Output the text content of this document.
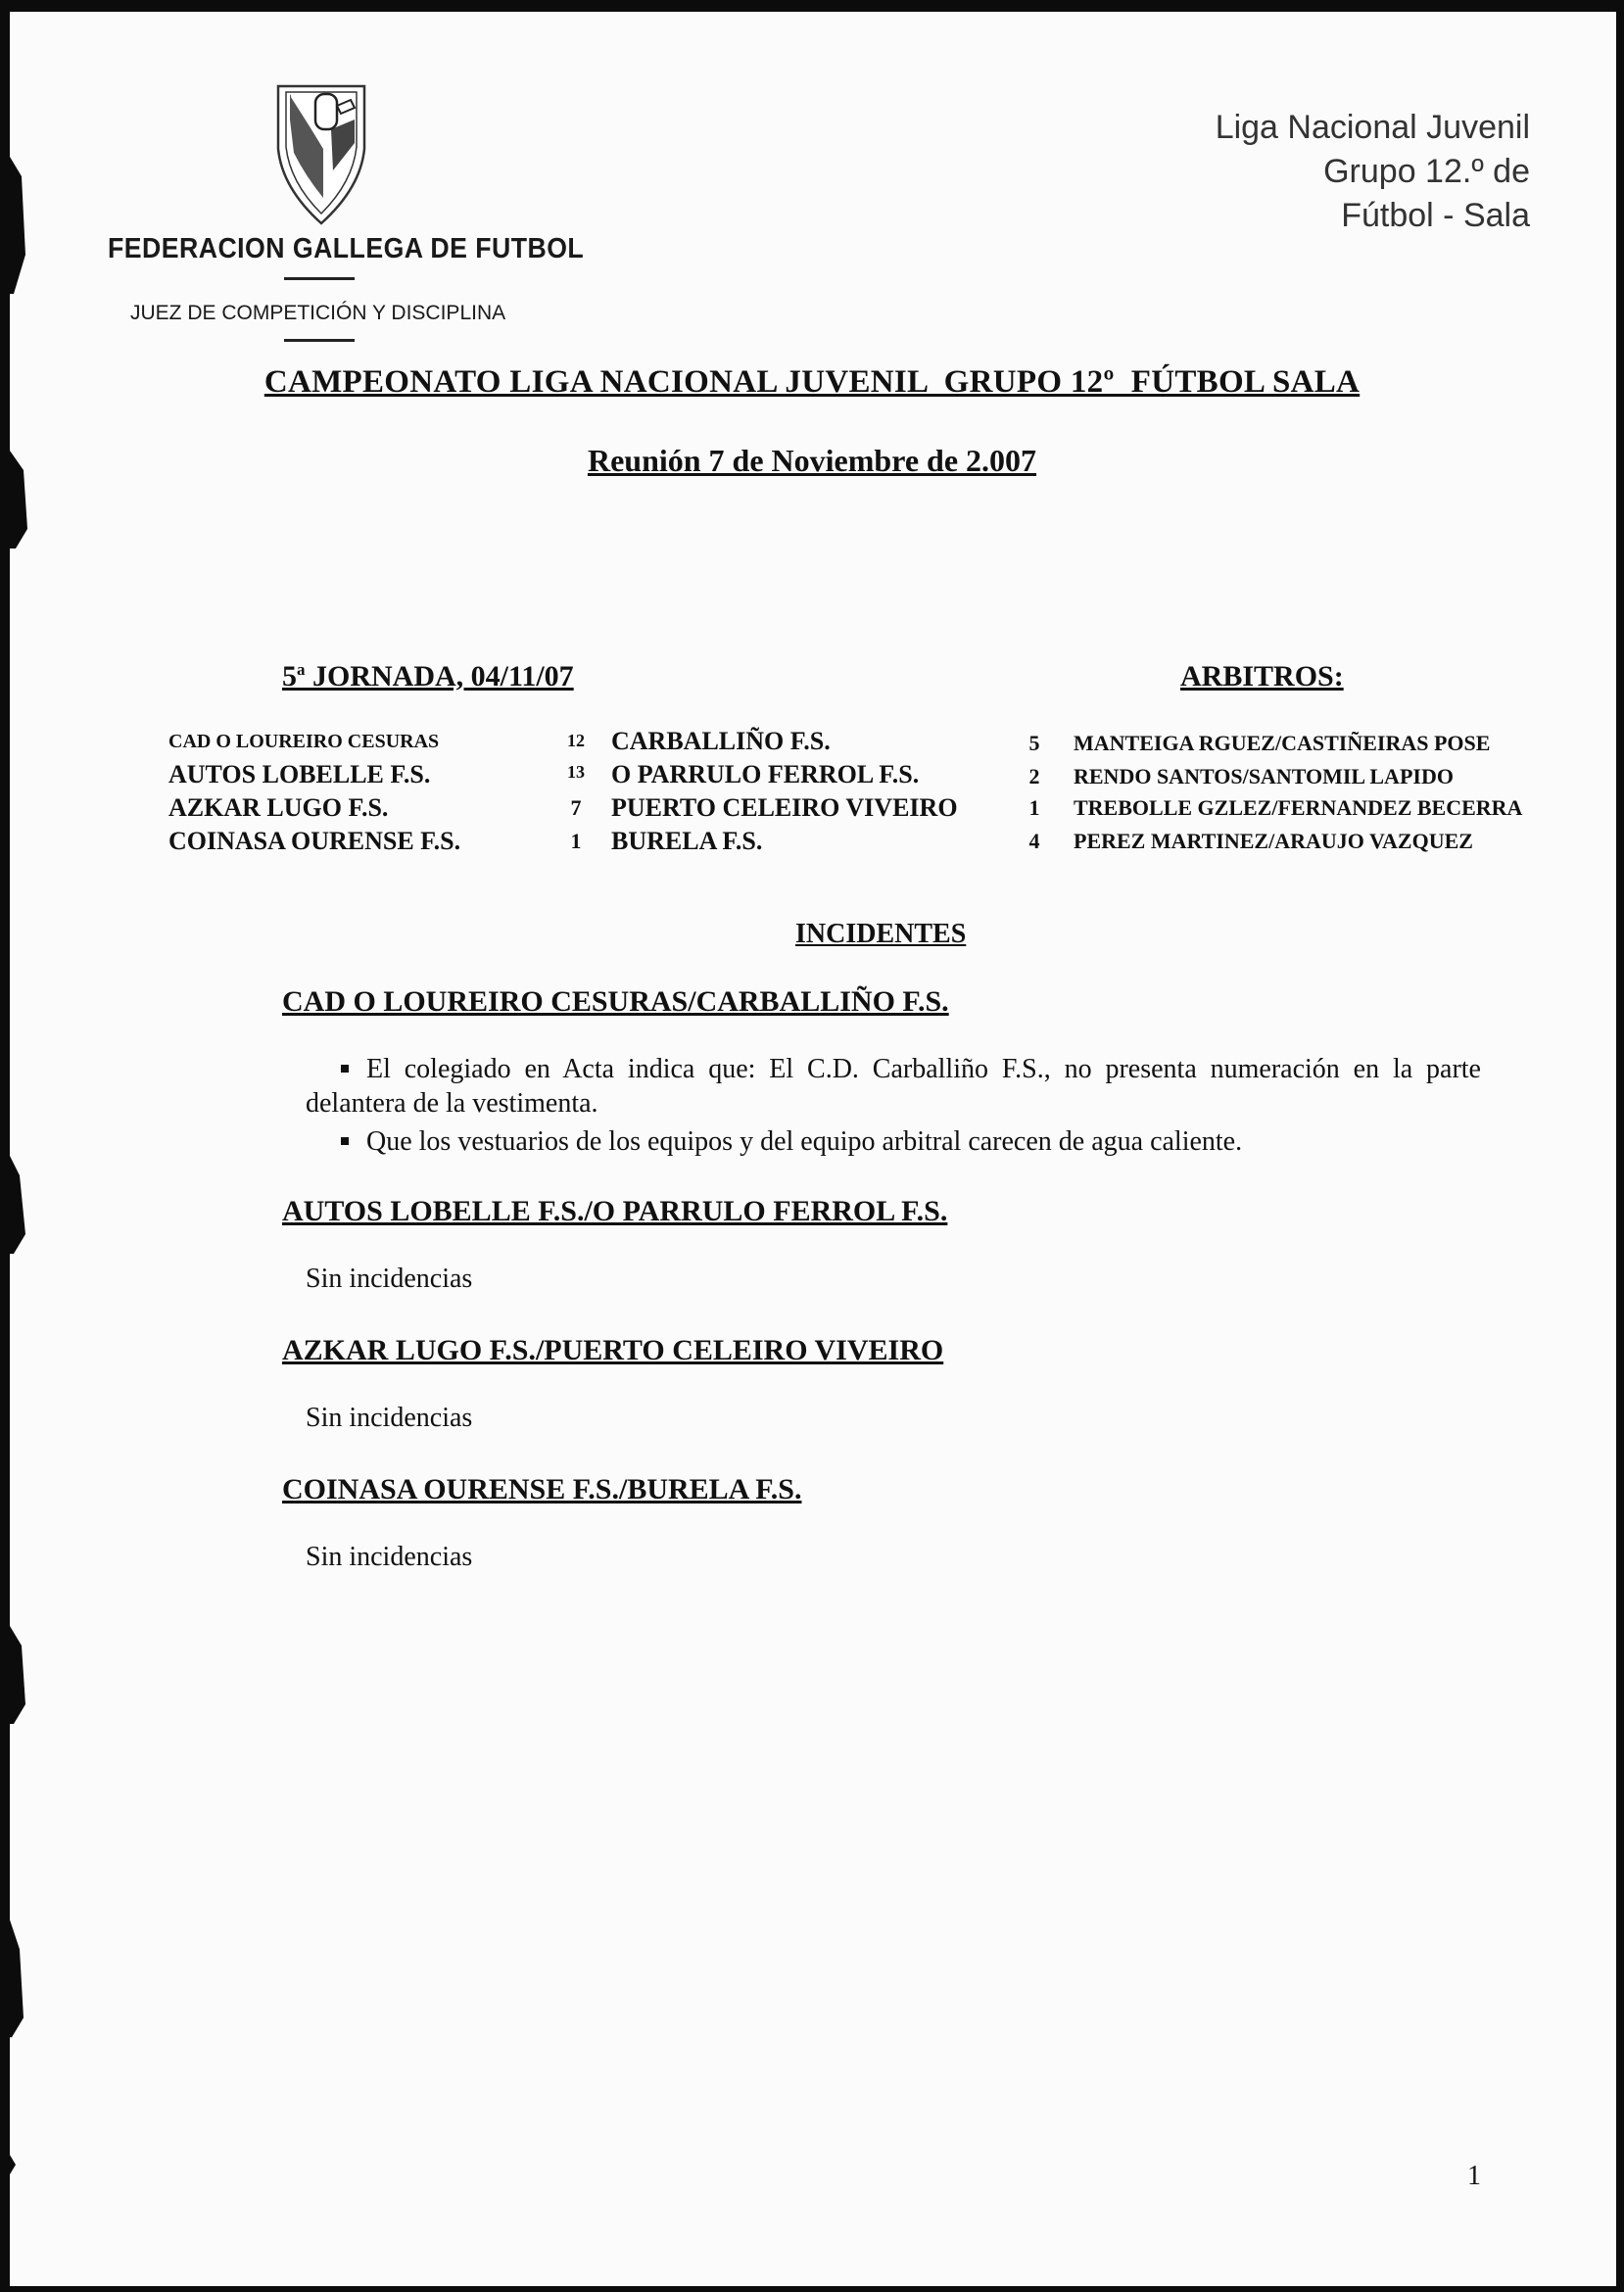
FEDERACION GALLEGA DE FUTBOL
JUEZ DE COMPETICIÓN Y DISCIPLINA
Liga Nacional Juvenil
Grupo 12.º de
Fútbol - Sala
CAMPEONATO LIGA NACIONAL JUVENIL  GRUPO 12º  FÚTBOL SALA
Reunión 7 de Noviembre de 2.007
5$^a$ JORNADA, 04/11/07	ARBITROS:
CAD O LOUREIRO CESURAS	12 CARBALLIÑO F.S.	5 MANTEIGA RGUEZ/CASTIÑEIRAS POSE
AUTOS LOBELLE F.S.	13 O PARRULO FERROL F.S.	2 RENDO SANTOS/SANTOMIL LAPIDO
AZKAR LUGO F.S.	7 PUERTO CELEIRO VIVEIRO	1 TREBOLLE GZLEZ/FERNANDEZ BECERRA
COINASA OURENSE F.S.	1 BURELA F.S.	4 PEREZ MARTINEZ/ARAUJO VAZQUEZ
INCIDENTES
CAD O LOUREIRO CESURAS/CARBALLIÑO F.S.
El colegiado en Acta indica que: El C.D. Carballiño F.S., no presenta numeración en la parte delantera de la vestimenta.
Que los vestuarios de los equipos y del equipo arbitral carecen de agua caliente.
AUTOS LOBELLE F.S./O PARRULO FERROL F.S.
Sin incidencias
AZKAR LUGO F.S./PUERTO CELEIRO VIVEIRO
Sin incidencias
COINASA OURENSE F.S./BURELA F.S.
Sin incidencias
1
